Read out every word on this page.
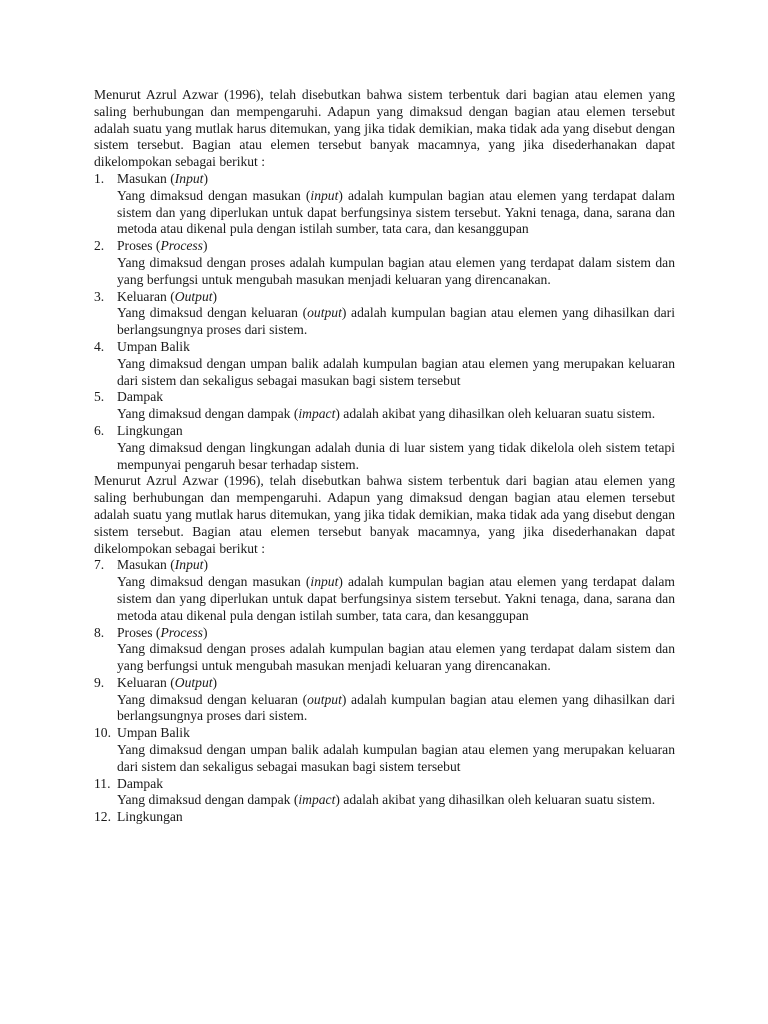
Menurut Azrul Azwar (1996), telah disebutkan bahwa sistem terbentuk dari bagian atau elemen yang saling berhubungan dan mempengaruhi. Adapun yang dimaksud dengan bagian atau elemen tersebut adalah suatu yang mutlak harus ditemukan, yang jika tidak demikian, maka tidak ada yang disebut dengan sistem tersebut. Bagian atau elemen tersebut banyak macamnya, yang jika disederhanakan dapat dikelompokan sebagai berikut :

1. Masukan (Input)
Yang dimaksud dengan masukan (input) adalah kumpulan bagian atau elemen yang terdapat dalam sistem dan yang diperlukan untuk dapat berfungsinya sistem tersebut. Yakni tenaga, dana, sarana dan metoda atau dikenal pula dengan istilah sumber, tata cara, dan kesanggupan
2. Proses (Process)
Yang dimaksud dengan proses adalah kumpulan bagian atau elemen yang terdapat dalam sistem dan yang berfungsi untuk mengubah masukan menjadi keluaran yang direncanakan.
3. Keluaran (Output)
Yang dimaksud dengan keluaran (output) adalah kumpulan bagian atau elemen yang dihasilkan dari berlangsungnya proses dari sistem.
4. Umpan Balik
Yang dimaksud dengan umpan balik adalah kumpulan bagian atau elemen yang merupakan keluaran dari sistem dan sekaligus sebagai masukan bagi sistem tersebut
5. Dampak
Yang dimaksud dengan dampak (impact) adalah akibat yang dihasilkan oleh keluaran suatu sistem.
6. Lingkungan
Yang dimaksud dengan lingkungan adalah dunia di luar sistem yang tidak dikelola oleh sistem tetapi mempunyai pengaruh besar terhadap sistem.

Menurut Azrul Azwar (1996), telah disebutkan bahwa sistem terbentuk dari bagian atau elemen yang saling berhubungan dan mempengaruhi. Adapun yang dimaksud dengan bagian atau elemen tersebut adalah suatu yang mutlak harus ditemukan, yang jika tidak demikian, maka tidak ada yang disebut dengan sistem tersebut. Bagian atau elemen tersebut banyak macamnya, yang jika disederhanakan dapat dikelompokan sebagai berikut :

7. Masukan (Input)
Yang dimaksud dengan masukan (input) adalah kumpulan bagian atau elemen yang terdapat dalam sistem dan yang diperlukan untuk dapat berfungsinya sistem tersebut. Yakni tenaga, dana, sarana dan metoda atau dikenal pula dengan istilah sumber, tata cara, dan kesanggupan
8. Proses (Process)
Yang dimaksud dengan proses adalah kumpulan bagian atau elemen yang terdapat dalam sistem dan yang berfungsi untuk mengubah masukan menjadi keluaran yang direncanakan.
9. Keluaran (Output)
Yang dimaksud dengan keluaran (output) adalah kumpulan bagian atau elemen yang dihasilkan dari berlangsungnya proses dari sistem.
10. Umpan Balik
Yang dimaksud dengan umpan balik adalah kumpulan bagian atau elemen yang merupakan keluaran dari sistem dan sekaligus sebagai masukan bagi sistem tersebut
11. Dampak
Yang dimaksud dengan dampak (impact) adalah akibat yang dihasilkan oleh keluaran suatu sistem.
12. Lingkungan
